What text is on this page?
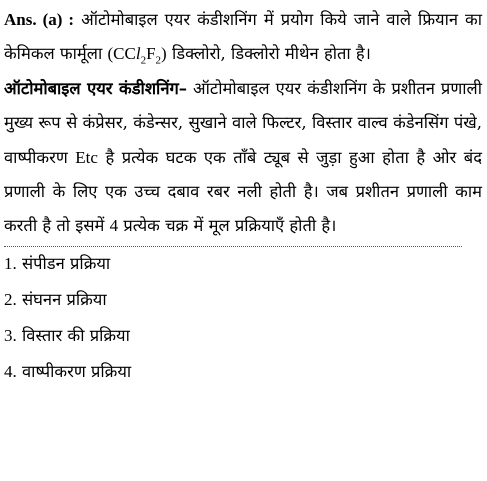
Ans. (a) : ऑटोमोबाइल एयर कंडीशनिंग में प्रयोग किये जाने वाले फ्रियान का केमिकल फार्मूला $(CCl_2F_2)$ डिक्लोरो, डिक्लोरो मीथेन होता है।

ऑटोमोबाइल एयर कंडीशनिंग– ऑटोमोबाइल एयर कंडीशनिंग के प्रशीतन प्रणाली मुख्य रूप से कंप्रेसर, कंडेन्सर, सुखाने वाले फिल्टर, विस्तार वाल्व कंडेनसिंग पंखे, वाष्पीकरण Etc है प्रत्येक घटक एक ताँबे ट्यूब से जुड़ा हुआ होता है ओर बंद प्रणाली के लिए एक उच्च दबाव रबर नली होती है। जब प्रशीतन प्रणाली काम करती है तो इसमें 4 प्रत्येक चक्र में मूल प्रक्रियाएँ होती है।

1. संपीडन प्रक्रिया
2. संघनन प्रक्रिया
3. विस्तार की प्रक्रिया
4. वाष्पीकरण प्रक्रिया
